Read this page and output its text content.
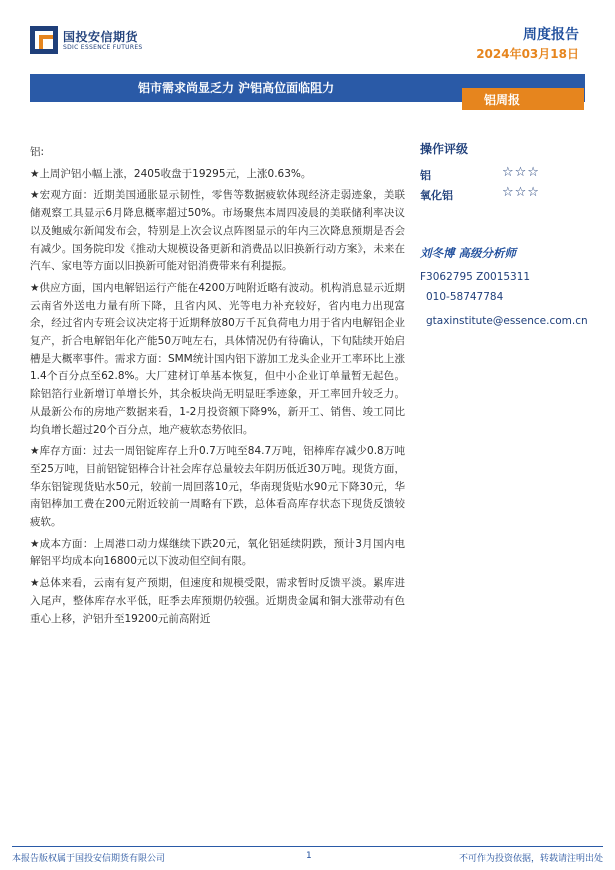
国投安信期货
SDIC ESSENCE FUTURES
周度报告
2024年03月18日
铝市需求尚显乏力 沪铝高位面临阻力
铝周报

铝:

★上周沪铝小幅上涨，2405收盘于19295元，上涨0.63%。

★宏观方面：近期美国通胀显示韧性，零售等数据疲软体现经济走弱迹象，美联储观察工具显示6月降息概率超过50%。市场聚焦本周四凌晨的美联储利率决议以及鲍威尔新闻发布会，特别是上次会议点阵图显示的年内三次降息预期是否会有减少。国务院印发《推动大规模设备更新和消费品以旧换新行动方案》，未来在汽车、家电等方面以旧换新可能对铝消费带来有利提振。

★供应方面，国内电解铝运行产能在4200万吨附近略有波动。机构消息显示近期云南省外送电力量有所下降，且省内风、光等电力补充较好，省内电力出现富余，经过省内专班会议决定将于近期释放80万千瓦負荷电力用于省内电解铝企业复产，折合电解铝年化产能50万吨左右，具体情况仍有待确认，下旬陆续开始启槽是大概率事件。需求方面：SMM统计国内铝下游加工龙头企业开工率环比上涨1.4个百分点至62.8%。大厂建材订单基本恢复，但中小企业订单量暂无起色。除铝箔行业新增订单增长外，其余板块尚无明显旺季迹象，开工率回升较乏力。从最新公布的房地产数据来看，1-2月投资额下降9%，新开工、销售、竣工同比均負增长超过20个百分点，地产疲软态势依旧。

★库存方面：过去一周铝锭库存上升0.7万吨至84.7万吨，铝棒库存减少0.8万吨至25万吨，目前铝锭铝棒合计社会库存总量较去年阴历低近30万吨。现货方面，华东铝锭现货贴水50元，较前一周回落10元，华南现货贴水90元下降30元，华南铝棒加工费在200元附近较前一周略有下跌，总体看高库存状态下现货反馈较疲软。

★成本方面：上周港口动力煤继续下跌20元，氧化铝延续阴跌，预计3月国内电解铝平均成本向16800元以下波动但空间有限。

★总体来看，云南有复产预期，但速度和规模受限，需求暂时反馈平淡。累库进入尾声，整体库存水平低，旺季去库预期仍较强。近期贵金属和铜大涨带动有色重心上移，沪铝升至19200元前高附近

操作评级
铝	☆☆☆
氧化铝	☆☆☆
刘冬博 高级分析师
F3062795 Z0015311
010-58747784
gtaxinstitute@essence.com.cn
本报告版权属于国投安信期货有限公司	1	不可作为投资依据，转载请注明出处
